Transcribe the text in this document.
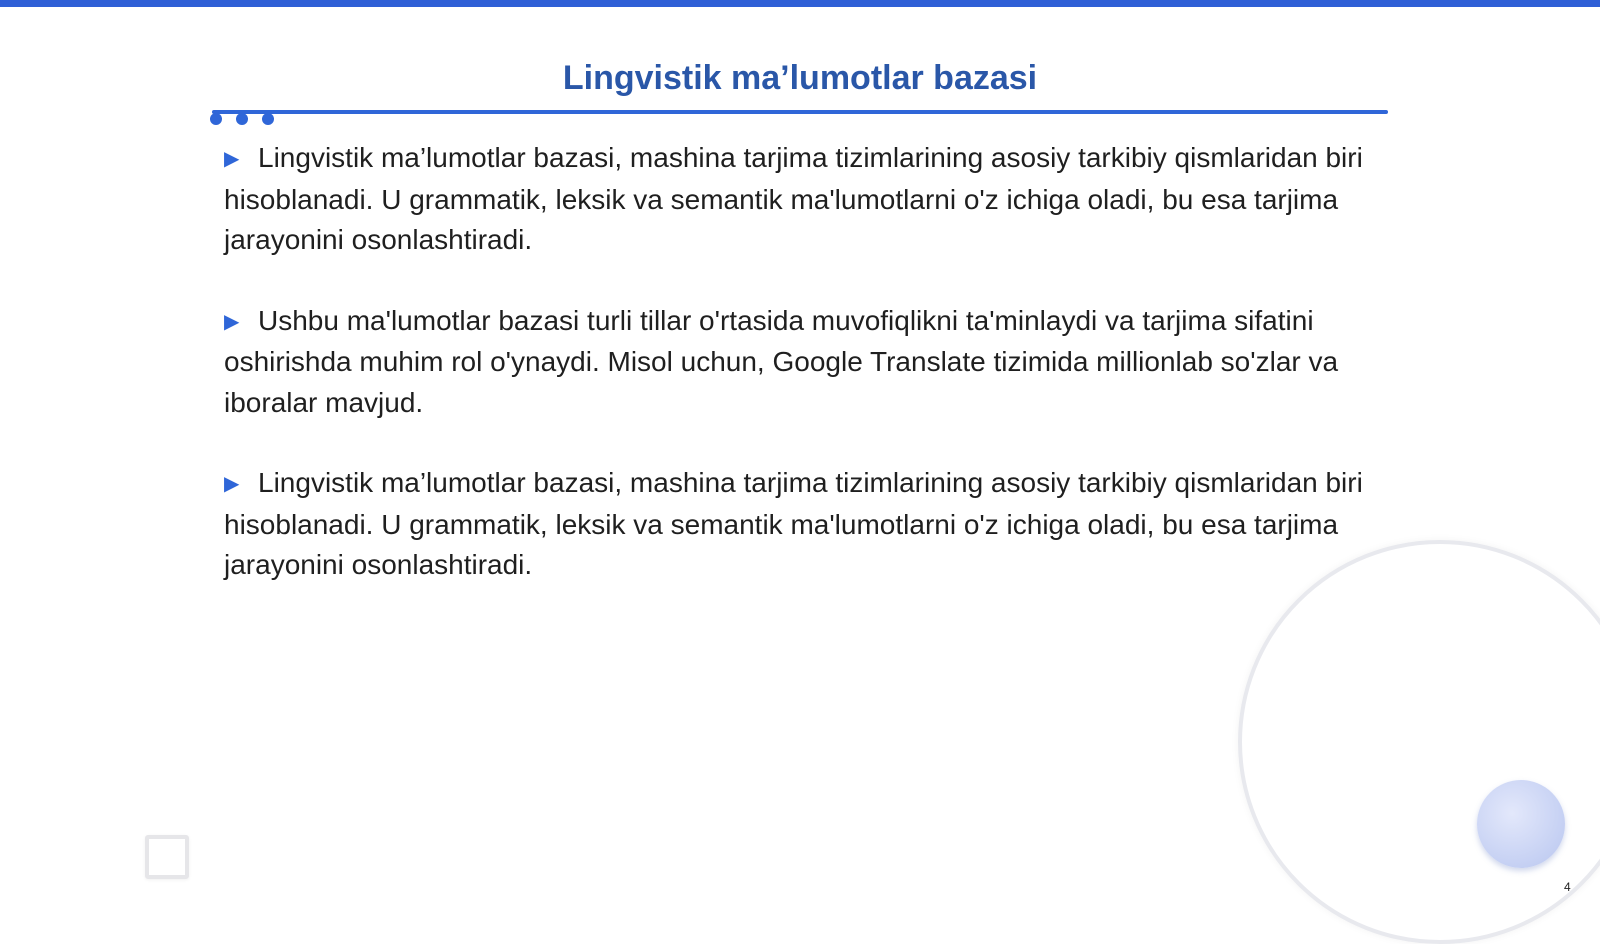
Lingvistik ma’lumotlar bazasi
▶ Lingvistik ma’lumotlar bazasi, mashina tarjima tizimlarining asosiy tarkibiy qismlaridan biri hisoblanadi. U grammatik, leksik va semantik ma'lumotlarni o'z ichiga oladi, bu esa tarjima jarayonini osonlashtiradi.
▶ Ushbu ma'lumotlar bazasi turli tillar o'rtasida muvofiqlikni ta'minlaydi va tarjima sifatini oshirishda muhim rol o'ynaydi. Misol uchun, Google Translate tizimida millionlab so'zlar va iboralar mavjud.
▶ Lingvistik ma’lumotlar bazasi, mashina tarjima tizimlarining asosiy tarkibiy qismlaridan biri hisoblanadi. U grammatik, leksik va semantik ma'lumotlarni o'z ichiga oladi, bu esa tarjima jarayonini osonlashtiradi.
4
